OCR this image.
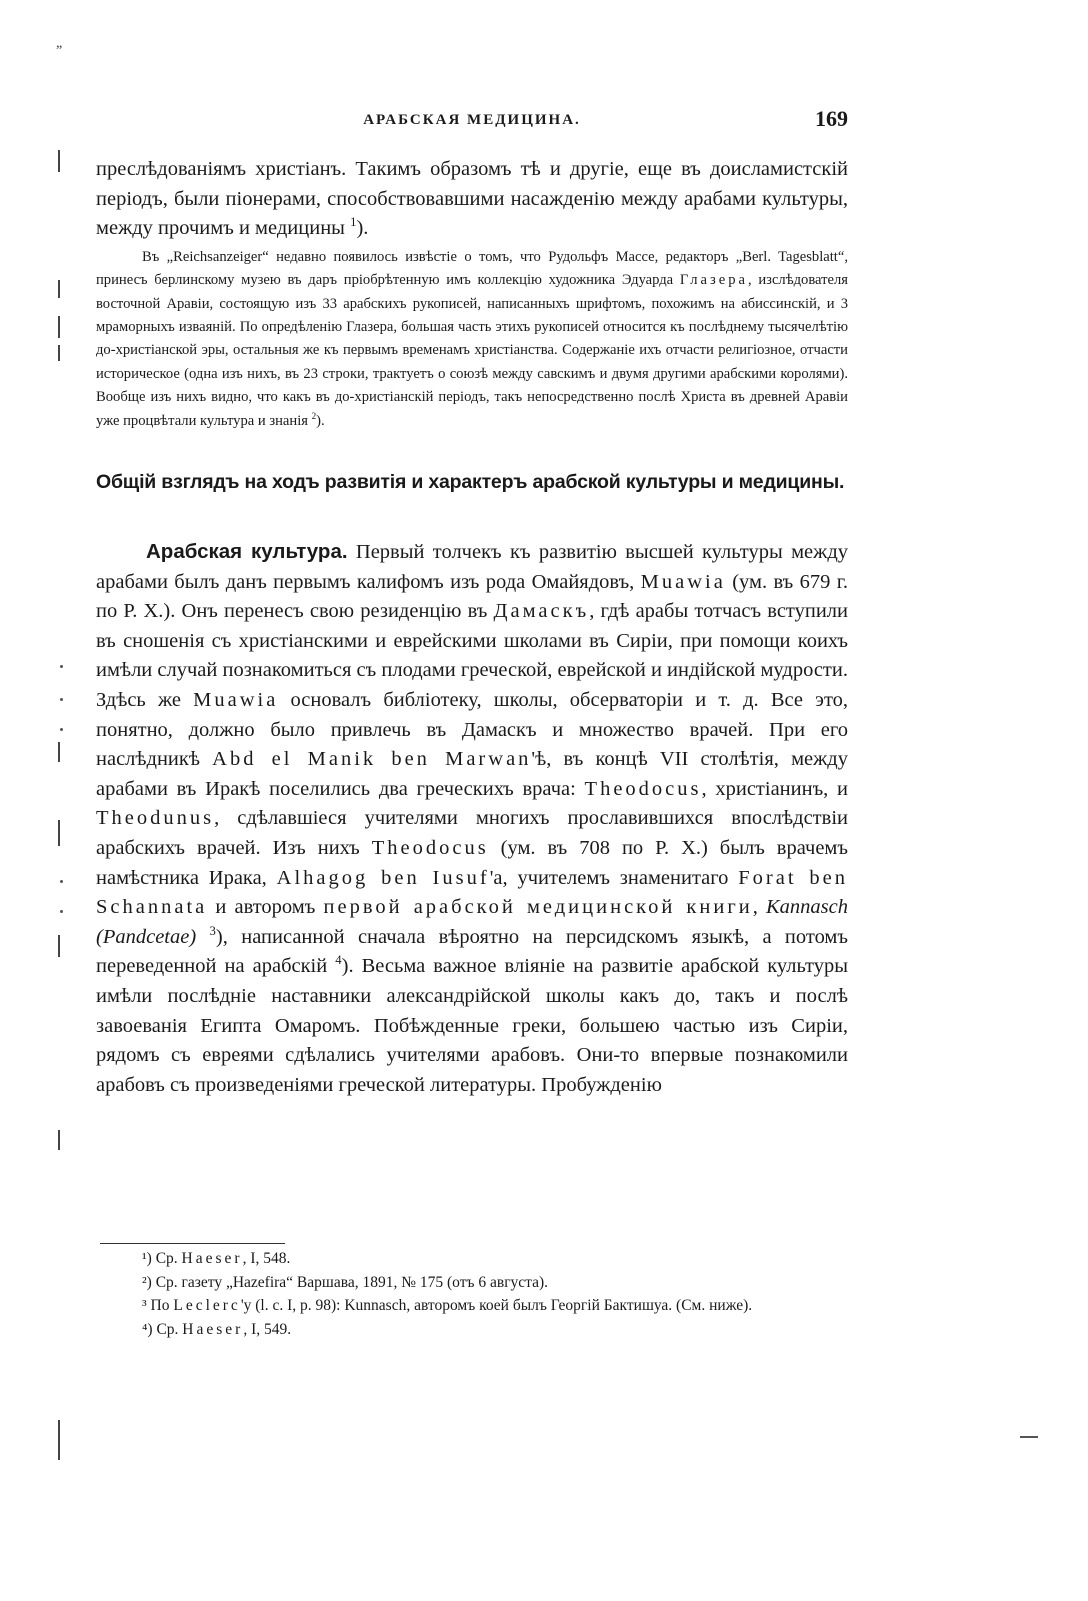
„
АРАБСКАЯ МЕДИЦИНА.	169

преслѣдованiямъ христiанъ. Такимъ образомъ тѣ и другiе, еще въ доисламистскiй перiодъ, были пiонерами, способствовавшими насажденiю между арабами культуры, между прочимъ и медицины $^1$).

Въ „Reichsanzeiger“ недавно появилось извѣстiе о томъ, что Рудольфъ Массе, редакторъ „Berl. Tagesblatt“, принесъ берлинскому музею въ даръ прiобрѣтенную имъ коллекцiю художника Эдуарда Глазера, изслѣдователя восточной Аравiи, состоящую изъ 33 арабскихъ рукописей, написанныхъ шрифтомъ, похожимъ на абиссинскiй, и 3 мраморныхъ изваянiй. По опредѣленiю Глазера, большая часть этихъ рукописей относится къ послѣднему тысячелѣтiю до-христiанской эры, остальныя же къ первымъ временамъ христiанства. Содержанiе ихъ отчасти религiозное, отчасти историческое (одна изъ нихъ, въ 23 строки, трактуетъ о союзѣ между савскимъ и двумя другими арабскими королями). Вообще изъ нихъ видно, что какъ въ до-христiанскiй перiодъ, такъ непосредственно послѣ Христа въ древней Аравiи уже процвѣтали культура и знанiя $^2$).

Общiй взглядъ на ходъ развитiя и характеръ арабской культуры и медицины.

Арабская культура. Первый толчекъ къ развитiю высшей культуры между арабами былъ данъ первымъ калифомъ изъ рода Омайядовъ, Muawia (ум. въ 679 г. по Р. Х.). Онъ перенесъ свою резиденцiю въ Дамаскъ, гдѣ арабы тотчасъ вступили въ сношенiя съ христiанскими и еврейскими школами въ Сирiи, при помощи коихъ имѣли случай познакомиться съ плодами греческой, еврейской и индiйской мудрости. Здѣсь же Muawia основалъ библiотеку, школы, обсерваторiи и т. д. Все это, понятно, должно было привлечь въ Дамаскъ и множество врачей. При его наслѣдникѣ Abd el Manik ben Marwan'ѣ, въ концѣ VII столѣтiя, между арабами въ Иракѣ поселились два греческихъ врача: Theodocus, христiанинъ, и Theodunus, сдѣлавшiеся учителями многихъ прославившихся впослѣдствiи арабскихъ врачей. Изъ нихъ Theodocus (ум. въ 708 по Р. Х.) былъ врачемъ намѣстника Ирака, Alhagog ben Iusuf'а, учителемъ знаменитаго Forat ben Schannata и авторомъ первой арабской медицинской книги, Kannasch (Pandcetae) $^3$), написанной сначала вѣроятно на персидскомъ языкѣ, а потомъ переведенной на арабскiй $^4$). Весьма важное влiянiе на развитiе арабской культуры имѣли послѣднiе наставники александрiйской школы какъ до, такъ и послѣ завоеванiя Египта Омаромъ. Побѣжденные греки, большею частью изъ Сирiи, рядомъ съ евреями сдѣлались учителями арабовъ. Они-то впервые познакомили арабовъ съ произведенiями греческой литературы. Пробужденiю

¹) Cp. Haeser, I, 548.

²) Ср. газету „Hazefira“ Варшава, 1891, № 175 (отъ 6 августа).

³ По Leclerc'у (l. c. I, p. 98): Kunnasch, авторомъ коей былъ Георгiй Бактишуа. (См. ниже).

⁴) Cp. Haeser, I, 549.
